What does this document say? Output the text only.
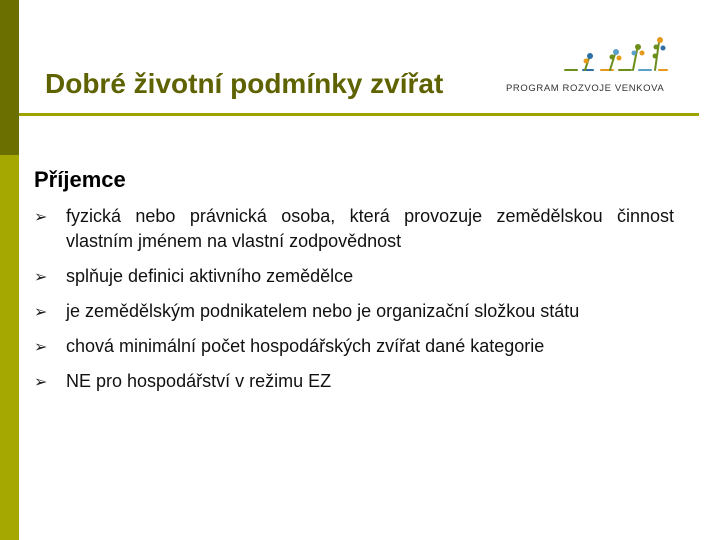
PROGRAM ROZVOJE VENKOVA
Dobré životní podmínky zvířat
Příjemce
➢ fyzická nebo právnická osoba, která provozuje zemědělskou činnost vlastním jménem na vlastní zodpovědnost
➢ splňuje definici aktivního zemědělce
➢ je zemědělským podnikatelem nebo je organizační složkou státu
➢ chová minimální počet hospodářských zvířat dané kategorie
➢ NE pro hospodářství v režimu EZ
